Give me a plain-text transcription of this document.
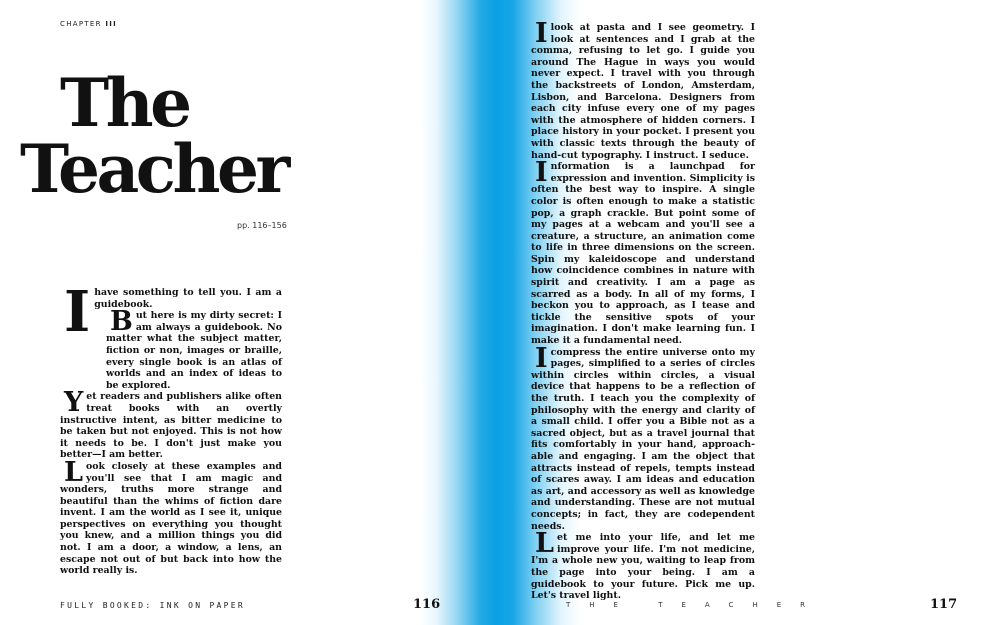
CHAPTER III
The
Teacher
pp. 116–156

I have something to tell you. I am a guidebook.

B ut here is my dirty secret: I am always a guidebook. No matter what the subject matter, fiction or non, images or braille, every single book is an atlas of worlds and an index of ideas to be explored.

Y et readers and publishers alike often treat books with an overtly instructive intent, as bitter medicine to be taken but not enjoyed. This is not how it needs to be. I don't just make you better—I am better.

L ook closely at these examples and you'll see that I am magic and wonders, truths more strange and beautiful than the whims of fiction dare invent. I am the world as I see it, unique perspectives on everything you thought you knew, and a million things you did not. I am a door, a window, a lens, an escape not out of but back into how the world really is.

FULLY BOOKED: INK ON PAPER	116

I look at pasta and I see geometry. I look at sentences and I grab at the comma, refusing to let go. I guide you around The Hague in ways you would never expect. I travel with you through the backstreets of London, Amsterdam, Lisbon, and Barcelona. Designers from each city infuse every one of my pages with the atmosphere of hidden corners. I place history in your pocket. I present you with classic texts through the beauty of hand-cut typography. I instruct. I seduce.

I nformation is a launchpad for expression and invention. Simplicity is often the best way to inspire. A single color is often enough to make a statistic pop, a graph crackle. But point some of my pages at a webcam and you'll see a creature, a structure, an animation come to life in three dimensions on the screen. Spin my kaleidoscope and understand how coincidence combines in nature with spirit and creativity. I am a page as scarred as a body. In all of my forms, I beckon you to approach, as I tease and tickle the sensitive spots of your imagination. I don't make learning fun. I make it a fundamental need.

I compress the entire universe onto my pages, simplified to a series of circles within circles within circles, a visual device that happens to be a reflection of the truth. I teach you the complexity of philosophy with the energy and clarity of a small child. I offer you a Bible not as a sacred object, but as a travel journal that fits comfortably in your hand, approachable and engaging. I am the object that attracts instead of repels, tempts instead of scares away. I am ideas and education as art, and accessory as well as knowledge and understanding. These are not mutual concepts; in fact, they are codependent needs.

L et me into your life, and let me improve your life. I'm not medicine, I'm a whole new you, waiting to leap from the page into your being. I am a guidebook to your future. Pick me up. Let's travel light.

THE TEACHER	117
